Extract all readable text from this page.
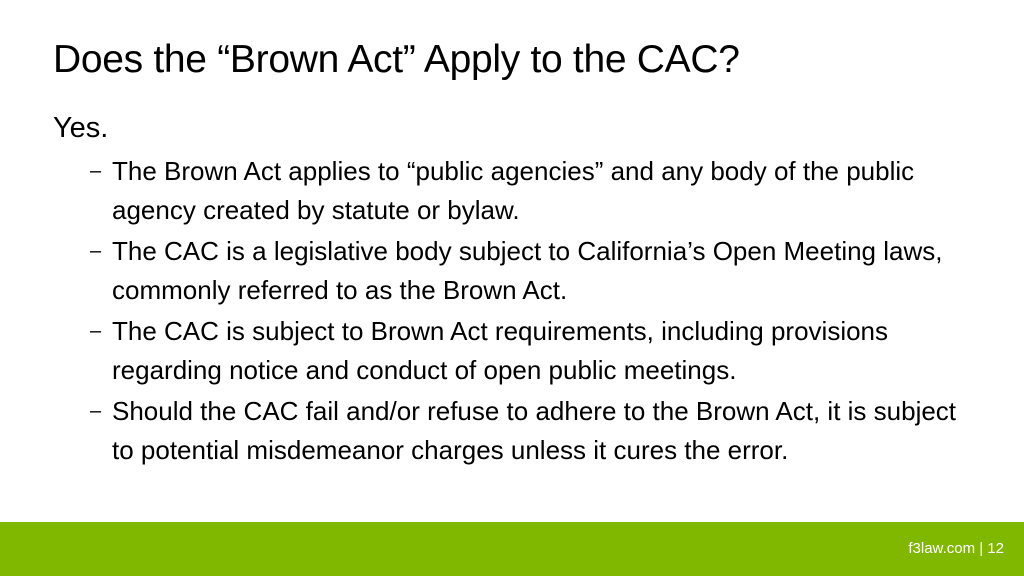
Does the “Brown Act” Apply to the CAC?

Yes.

– The Brown Act applies to “public agencies” and any body of the public agency created by statute or bylaw.
– The CAC is a legislative body subject to California’s Open Meeting laws, commonly referred to as the Brown Act.
– The CAC is subject to Brown Act requirements, including provisions regarding notice and conduct of open public meetings.
– Should the CAC fail and/or refuse to adhere to the Brown Act, it is subject to potential misdemeanor charges unless it cures the error.
f3law.com | 12
